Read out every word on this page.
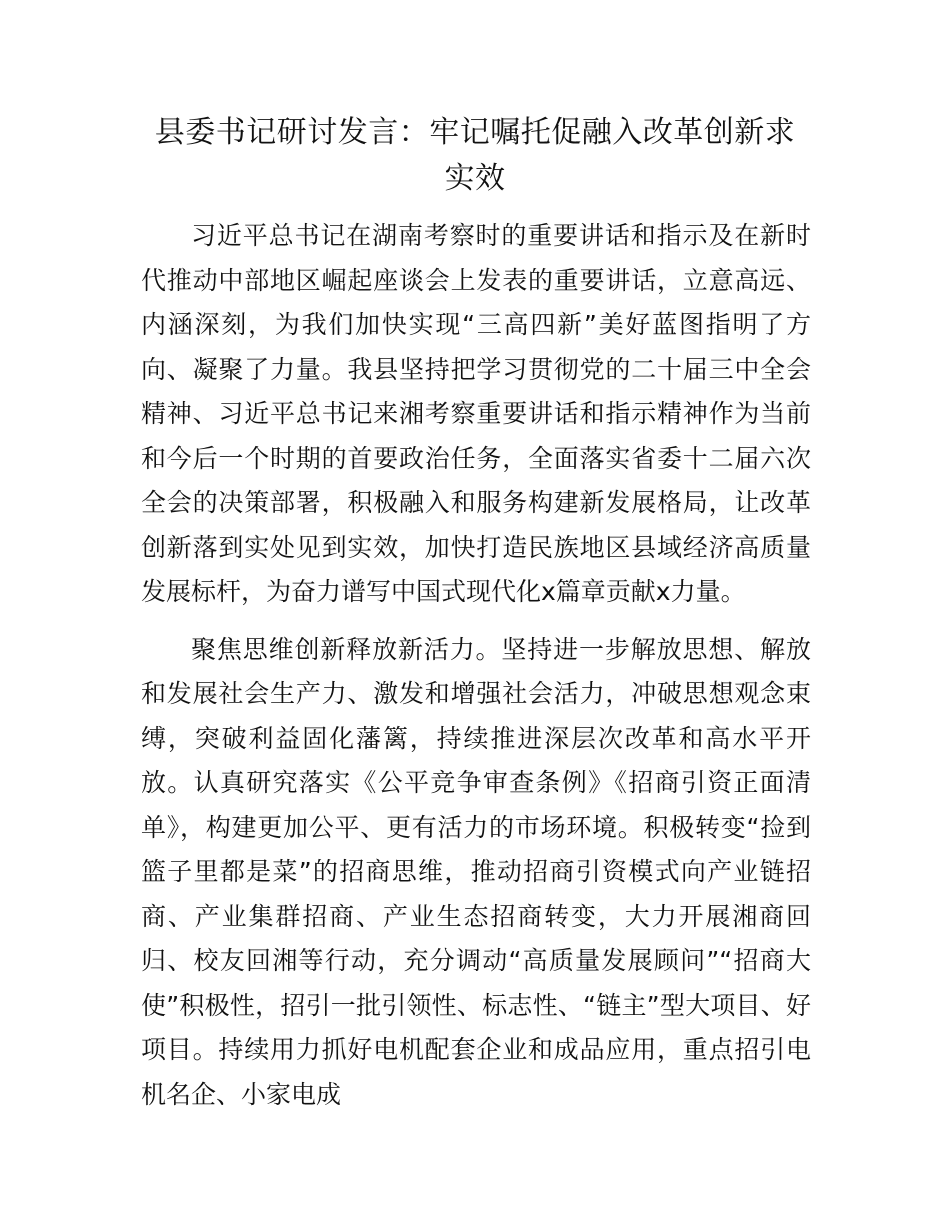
县委书记研讨发言：牢记嘱托促融入改革创新求实效

习近平总书记在湖南考察时的重要讲话和指示及在新时代推动中部地区崛起座谈会上发表的重要讲话，立意高远、内涵深刻，为我们加快实现“三高四新”美好蓝图指明了方向、凝聚了力量。我县坚持把学习贯彻党的二十届三中全会精神、习近平总书记来湘考察重要讲话和指示精神作为当前和今后一个时期的首要政治任务，全面落实省委十二届六次全会的决策部署，积极融入和服务构建新发展格局，让改革创新落到实处见到实效，加快打造民族地区县域经济高质量发展标杆，为奋力谱写中国式现代化x篇章贡献x力量。

聚焦思维创新释放新活力。坚持进一步解放思想、解放和发展社会生产力、激发和增强社会活力，冲破思想观念束缚，突破利益固化藩篱，持续推进深层次改革和高水平开放。认真研究落实《公平竞争审查条例》《招商引资正面清单》，构建更加公平、更有活力的市场环境。积极转变“捡到篮子里都是菜”的招商思维，推动招商引资模式向产业链招商、产业集群招商、产业生态招商转变，大力开展湘商回归、校友回湘等行动，充分调动“高质量发展顾问”“招商大使”积极性，招引一批引领性、标志性、“链主”型大项目、好项目。持续用力抓好电机配套企业和成品应用，重点招引电机名企、小家电成
